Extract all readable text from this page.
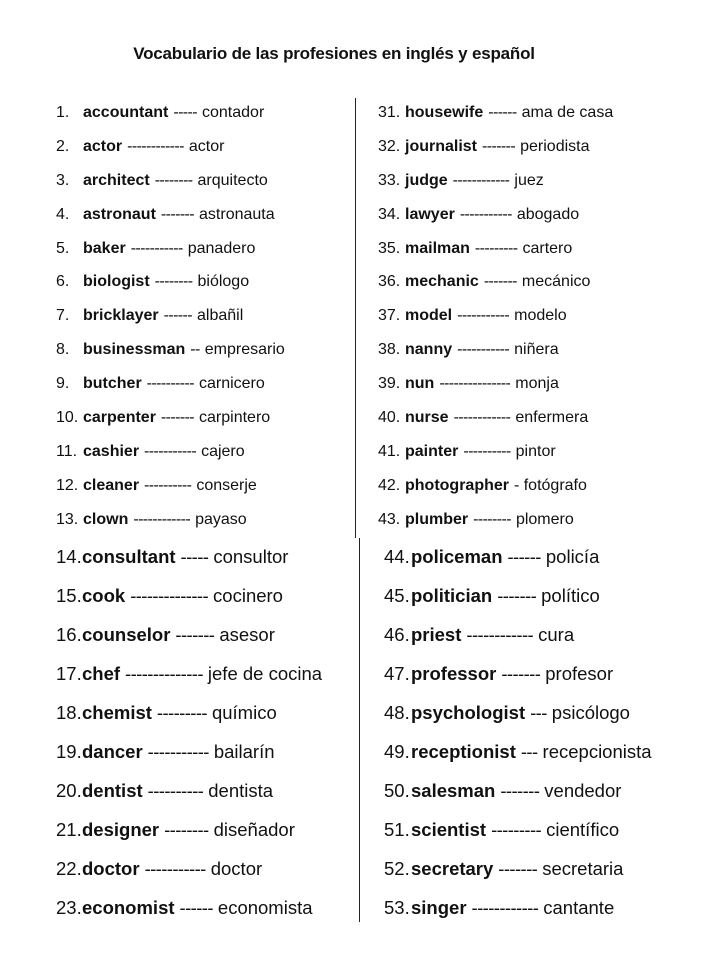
Vocabulario de las profesiones en inglés y español
1. accountant ----- contador
2. actor ------------ actor
3. architect -------- arquitecto
4. astronaut ------- astronauta
5. baker ----------- panadero
6. biologist -------- biólogo
7. bricklayer ------ albañil
8. businessman -- empresario
9. butcher ---------- carnicero
10. carpenter ------- carpintero
11. cashier ----------- cajero
12. cleaner ---------- conserje
13. clown ------------ payaso
31. housewife ------ ama de casa
32. journalist ------- periodista
33. judge ------------ juez
34. lawyer ----------- abogado
35. mailman --------- cartero
36. mechanic ------- mecánico
37. model ----------- modelo
38. nanny ----------- niñera
39. nun --------------- monja
40. nurse ------------ enfermera
41. painter ---------- pintor
42. photographer - fotógrafo
43. plumber -------- plomero
14. consultant ----- consultor
15. cook -------------- cocinero
16. counselor ------- asesor
17. chef -------------- jefe de cocina
18. chemist --------- químico
19. dancer ----------- bailarín
20. dentist ---------- dentista
21. designer -------- diseñador
22. doctor ----------- doctor
23. economist ------ economista
44. policeman ------ policía
45. politician ------- político
46. priest ------------ cura
47. professor ------- profesor
48. psychologist --- psicólogo
49. receptionist --- recepcionista
50. salesman ------- vendedor
51. scientist --------- científico
52. secretary ------- secretaria
53. singer ------------ cantante
